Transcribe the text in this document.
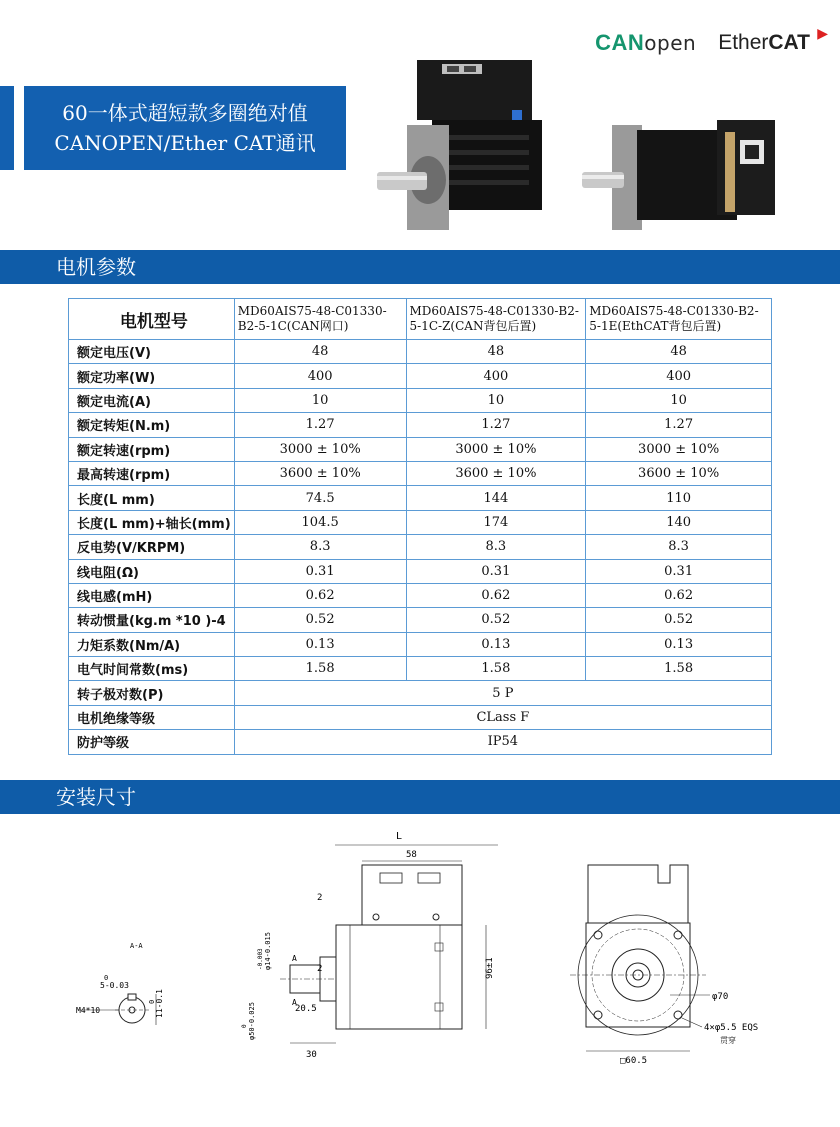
CANopen EtherCAT ▶
60一体式超短款多圈绝对值
CANOPEN/Ether CAT通讯
电机参数
电机型号	MD60AIS75-48-C01330-B2-5-1C(CAN网口)	MD60AIS75-48-C01330-B2-5-1C-Z(CAN背包后置)	MD60AIS75-48-C01330-B2-5-1E(EthCAT背包后置)
额定电压(V)	48	48	48
额定功率(W)	400	400	400
额定电流(A)	10	10	10
额定转矩(N.m)	1.27	1.27	1.27
额定转速(rpm)	3000 ± 10%	3000 ± 10%	3000 ± 10%
最高转速(rpm)	3600 ± 10%	3600 ± 10%	3600 ± 10%
长度(L mm)	74.5	144	110
长度(L mm)+轴长(mm)	104.5	174	140
反电势(V/KRPM)	8.3	8.3	8.3
线电阻(Ω)	0.31	0.31	0.31
线电感(mH)	0.62	0.62	0.62
转动惯量(kg.m *10 )-4	0.52	0.52	0.52
力矩系数(Nm/A)	0.13	0.13	0.13
电气时间常数(ms)	1.58	1.58	1.58
转子极对数(P)	5 P		
电机绝缘等级	CLass F		
防护等级	IP54		
安装尺寸
A-A
0
5-0.03
11-0.1
0
M4*10
L
58
2
2
φ14-0.015
-0.003
φ50-0.025
0
A
A
20.5
30
96±1
φ70
4×φ5.5 EQS
贯穿
□60.5
